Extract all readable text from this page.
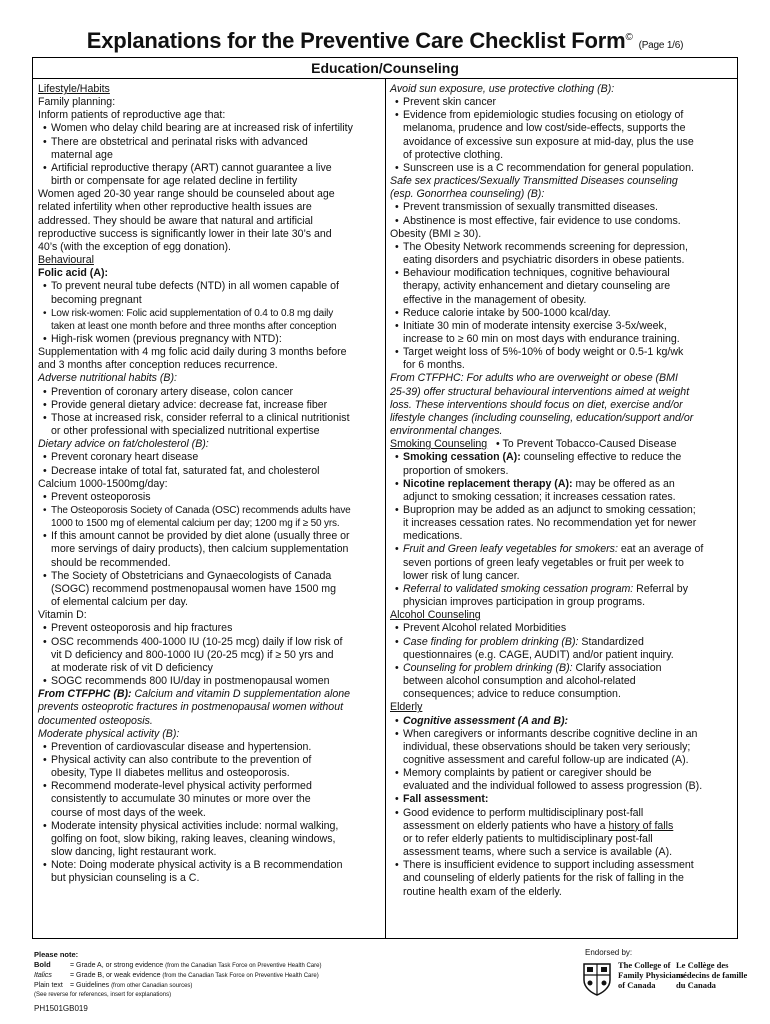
Explanations for the Preventive Care Checklist Form© (Page 1/6)
Education/Counseling

Lifestyle/Habits

Family planning:

Inform patients of reproductive age that:

• Women who delay child bearing are at increased risk of infertility

• There are obstetrical and perinatal risks with advanced

maternal age

• Artificial reproductive therapy (ART) cannot guarantee a live

birth or compensate for age related decline in fertility

Women aged 20-30 year range should be counseled about age

related infertility when other reproductive health issues are

addressed. They should be aware that natural and artificial

reproductive success is significantly lower in their late 30’s and

40’s (with the exception of egg donation).

Behavioural

Folic acid (A):

• To prevent neural tube defects (NTD) in all women capable of

becoming pregnant

• Low risk-women: Folic acid supplementation of 0.4 to 0.8 mg daily

taken at least one month before and three months after conception

• High-risk women (previous pregnancy with NTD):

Supplementation with 4 mg folic acid daily during 3 months before

and 3 months after conception reduces recurrence.

Adverse nutritional habits (B):

• Prevention of coronary artery disease, colon cancer

• Provide general dietary advice: decrease fat, increase fiber

• Those at increased risk, consider referral to a clinical nutritionist

or other professional with specialized nutritional expertise

Dietary advice on fat/cholesterol (B):

• Prevent coronary heart disease

• Decrease intake of total fat, saturated fat, and cholesterol

Calcium 1000-1500mg/day:

• Prevent osteoporosis

• The Osteoporosis Society of Canada (OSC) recommends adults have

1000 to 1500 mg of elemental calcium per day; 1200 mg if ≥ 50 yrs.

• If this amount cannot be provided by diet alone (usually three or

more servings of dairy products), then calcium supplementation

should be recommended.

• The Society of Obstetricians and Gynaecologists of Canada

(SOGC) recommend postmenopausal women have 1500 mg

of elemental calcium per day.

Vitamin D:

• Prevent osteoporosis and hip fractures

• OSC recommends 400-1000 IU (10-25 mcg) daily if low risk of

vit D deficiency and 800-1000 IU (20-25 mcg) if ≥ 50 yrs and

at moderate risk of vit D deficiency

• SOGC recommends 800 IU/day in postmenopausal women

From CTFPHC (B): Calcium and vitamin D supplementation alone

prevents osteoprotic fractures in postmenopausal women without

documented osteoposis.

Moderate physical activity (B):

• Prevention of cardiovascular disease and hypertension.

• Physical activity can also contribute to the prevention of

obesity, Type II diabetes mellitus and osteoporosis.

• Recommend moderate-level physical activity performed

consistently to accumulate 30 minutes or more over the

course of most days of the week.

• Moderate intensity physical activities include: normal walking,

golfing on foot, slow biking, raking leaves, cleaning windows,

slow dancing, light restaurant work.

• Note: Doing moderate physical activity is a B recommendation

but physician counseling is a C.

Avoid sun exposure, use protective clothing (B):

• Prevent skin cancer

• Evidence from epidemiologic studies focusing on etiology of

melanoma, prudence and low cost/side-effects, supports the

avoidance of excessive sun exposure at mid-day, plus the use

of protective clothing.

• Sunscreen use is a C recommendation for general population.

Safe sex practices/Sexually Transmitted Diseases counseling

(esp. Gonorrhea counseling) (B):

• Prevent transmission of sexually transmitted diseases.

• Abstinence is most effective, fair evidence to use condoms.

Obesity (BMI ≥ 30).

• The Obesity Network recommends screening for depression,

eating disorders and psychiatric disorders in obese patients.

• Behaviour modification techniques, cognitive behavioural

therapy, activity enhancement and dietary counseling are

effective in the management of obesity.

• Reduce calorie intake by 500-1000 kcal/day.

• Initiate 30 min of moderate intensity exercise 3-5x/week,

increase to ≥ 60 min on most days with endurance training.

• Target weight loss of 5%-10% of body weight or 0.5-1 kg/wk

for 6 months.

From CTFPHC: For adults who are overweight or obese (BMI

25-39) offer structural behavioural interventions aimed at weight

loss. These interventions should focus on diet, exercise and/or

lifestyle changes (including counseling, education/support and/or

environmental changes.

Smoking Counseling   • To Prevent Tobacco-Caused Disease

• Smoking cessation (A): counseling effective to reduce the

proportion of smokers.

• Nicotine replacement therapy (A): may be offered as an

adjunct to smoking cessation; it increases cessation rates.

• Buproprion may be added as an adjunct to smoking cessation;

it increases cessation rates. No recommendation yet for newer

medications.

• Fruit and Green leafy vegetables for smokers: eat an average of

seven portions of green leafy vegetables or fruit per week to

lower risk of lung cancer.

• Referral to validated smoking cessation program: Referral by

physician improves participation in group programs.

Alcohol Counseling

• Prevent Alcohol related Morbidities

• Case finding for problem drinking (B): Standardized

questionnaires (e.g. CAGE, AUDIT) and/or patient inquiry.

• Counseling for problem drinking (B): Clarify association

between alcohol consumption and alcohol-related

consequences; advice to reduce consumption.

Elderly

• Cognitive assessment (A and B):

• When caregivers or informants describe cognitive decline in an

individual, these observations should be taken very seriously;

cognitive assessment and careful follow-up are indicated (A).

• Memory complaints by patient or caregiver should be

evaluated and the individual followed to assess progression (B).

• Fall assessment:

• Good evidence to perform multidisciplinary post-fall

assessment on elderly patients who have a history of falls

or to refer elderly patients to multidisciplinary post-fall

assessment teams, where such a service is available (A).

• There is insufficient evidence to support including assessment

and counseling of elderly patients for the risk of falling in the

routine health exam of the elderly.

Please note:
Bold	= Grade A, or strong evidence (from the Canadian Task Force on Preventive Health Care)
Italics	= Grade B, or weak evidence (from the Canadian Task Force on Preventive Health Care)
Plain text = Guidelines (from other Canadian sources)
(See reverse for references, insert for explanations)
PH1501GB019
Endorsed by:
The College of
Family Physicians
of Canada
Le Collège des
médecins de famille
du Canada
